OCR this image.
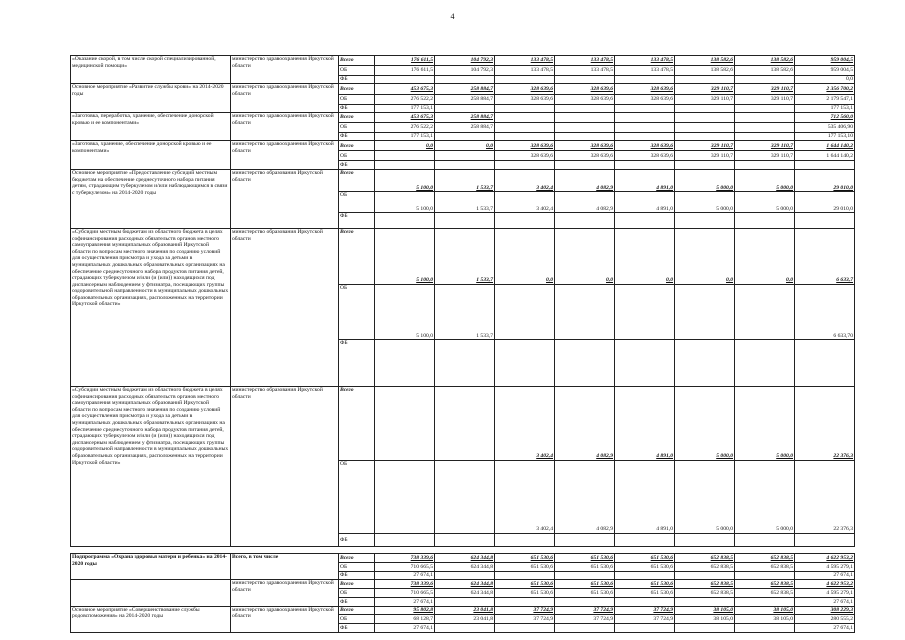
4
«Оказание скорой, в том числе скорой специализированной, медицинской помощи»	министерство здравоохранения Иркутской области	Всего	176 611,5	104 792,3	133 478,5	133 478,5	133 478,5	138 582,6	138 582,6	959 004,5
		ОБ	176 611,5	104 792,3	133 478,5	133 478,5	133 478,5	138 582,6	138 582,6	959 004,5
		ФБ								0,0
Основное мероприятие «Развитие службы крови» на 2014-2020 годы	министерство здравоохранения Иркутской области	Всего	453 675,3	258 884,7	328 639,6	328 639,6	328 639,6	329 110,7	329 110,7	2 356 700,2
		ОБ	276 522,2	258 884,7	328 639,6	328 639,6	328 639,6	329 110,7	329 110,7	2 179 547,1
		ФБ	177 153,1							177 153,1
«Заготовка, переработка, хранение, обеспечение донорской кровью и ее компонентами»	министерство здравоохранения Иркутской области	Всего	453 675,3	258 884,7						712 560,0
		ОБ	276 522,2	258 884,7						535 406,90
		ФБ	177 153,1							177 153,10
«Заготовка, хранение, обеспечение донорской кровью и ее компонентами»	министерство здравоохранения Иркутской области	Всего	0,0	0,0	328 639,6	328 639,6	328 639,6	329 110,7	329 110,7	1 644 140,2
		ОБ			328 639,6	328 639,6	328 639,6	329 110,7	329 110,7	1 644 140,2
		ФБ								
Основное мероприятие «Предоставление субсидий местным бюджетам на обеспечение среднесуточного набора питания детям, страдающим туберкулезом и/или наблюдающимся в связи с туберкулезом» на 2014-2020 годы	министерство образования Иркутской области	Всего	5 100,0	1 533,7	3 402,4	4 082,9	4 891,0	5 000,0	5 000,0	29 010,0
		ОБ	5 100,0	1 533,7	3 402,4	4 082,9	4 891,0	5 000,0	5 000,0	29 010,0
		ФБ								
«Субсидии местным бюджетам из областного бюджета в целях софинансирования расходных обязательств органов местного самоуправления муниципальных образований Иркутской области по вопросам местного значения по созданию условий для осуществления присмотра и ухода за детьми в муниципальных дошкольных образовательных организациях на обеспечение среднесуточного набора продуктов питания детей, страдающих туберкулезом и/или (и (или)) находящихся под диспансерным наблюдением у фтизиатра, посещающих группы оздоровительной направленности в муниципальных дошкольных образовательных организациях, расположенных на территории Иркутской области»	министерство образования Иркутской области	Всего	5 100,0	1 533,7	0,0	0,0	0,0	0,0	0,0	6 633,7
		ОБ	5 100,0	1 533,7						6 633,70
		ФБ								
«Субсидии местным бюджетам из областного бюджета в целях софинансирования расходных обязательств органов местного самоуправления муниципальных образований Иркутской области по вопросам местного значения по созданию условий для осуществления присмотра и ухода за детьми в муниципальных дошкольных образовательных организациях на обеспечение среднесуточного набора продуктов питания детей, страдающих туберкулезом и/или (и (или)) находящихся под диспансерным наблюдением у фтизиатра, посещающих группы оздоровительной направленности в муниципальных дошкольных образовательных организациях, расположенных на территории Иркутской области»	министерство образования Иркутской области	Всего			3 402,4	4 082,9	4 891,0	5 000,0	5 000,0	22 376,3
		ОБ			3 402,4	4 082,9	4 891,0	5 000,0	5 000,0	22 376,3
		ФБ								

Подпрограмма «Охрана здоровья матери и ребенка» на 2014-2020 годы	Всего, в том числе	Всего	738 339,6	624 344,8	651 530,6	651 530,6	651 530,6	652 838,5	652 838,5	4 622 953,2
		ОБ	710 665,5	624 344,8	651 530,6	651 530,6	651 530,6	652 838,5	652 838,5	4 595 279,1
		ФБ	27 674,1							27 674,1
	министерство здравоохранения Иркутской области	Всего	738 339,6	624 344,8	651 530,6	651 530,6	651 530,6	652 838,5	652 838,5	4 622 953,2
		ОБ	710 665,5	624 344,8	651 530,6	651 530,6	651 530,6	652 838,5	652 838,5	4 595 279,1
		ФБ	27 674,1							27 674,1
Основное мероприятие «Совершенствование службы родовспоможения» на 2014-2020 годы	министерство здравоохранения Иркутской области	Всего	95 802,8	23 041,8	37 724,9	37 724,9	37 724,9	38 105,0	38 105,0	308 229,3
		ОБ	68 128,7	23 041,8	37 724,9	37 724,9	37 724,9	38 105,0	38 105,0	280 555,2
		ФБ	27 674,1							27 674,1
